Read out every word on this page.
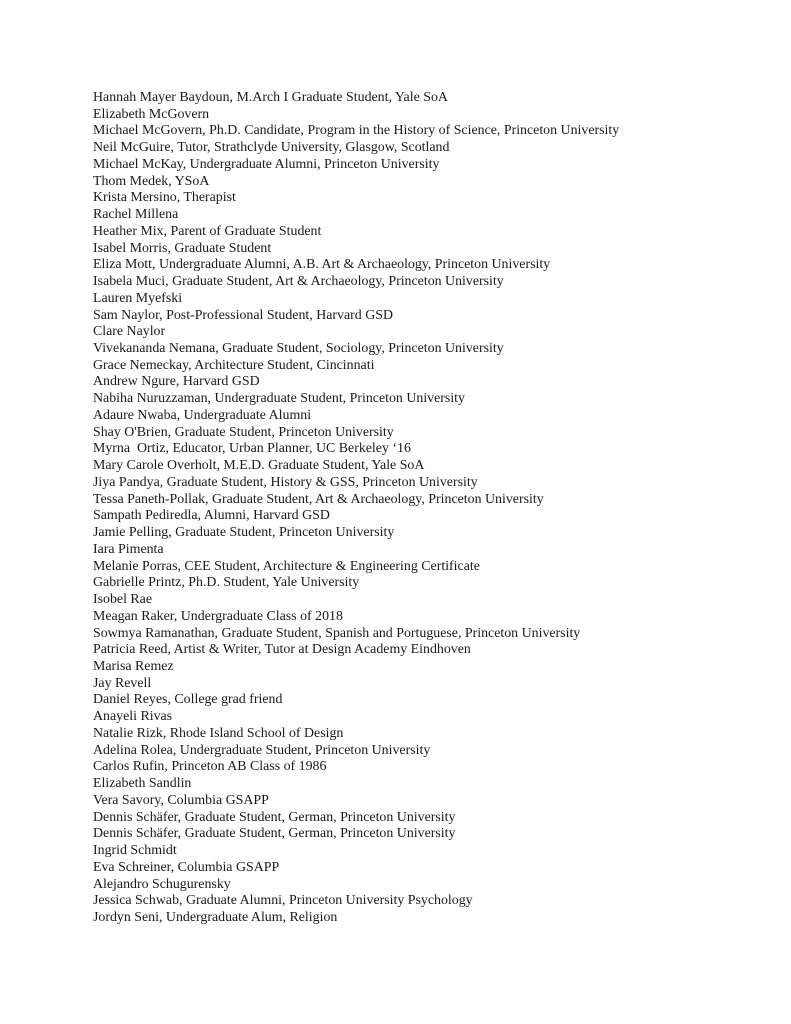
Hannah Mayer Baydoun, M.Arch I Graduate Student, Yale SoA
Elizabeth McGovern
Michael McGovern, Ph.D. Candidate, Program in the History of Science, Princeton University
Neil McGuire, Tutor, Strathclyde University, Glasgow, Scotland
Michael McKay, Undergraduate Alumni, Princeton University
Thom Medek, YSoA
Krista Mersino, Therapist
Rachel Millena
Heather Mix, Parent of Graduate Student
Isabel Morris, Graduate Student
Eliza Mott, Undergraduate Alumni, A.B. Art & Archaeology, Princeton University
Isabela Muci, Graduate Student, Art & Archaeology, Princeton University
Lauren Myefski
Sam Naylor, Post-Professional Student, Harvard GSD
Clare Naylor
Vivekananda Nemana, Graduate Student, Sociology, Princeton University
Grace Nemeckay, Architecture Student, Cincinnati
Andrew Ngure, Harvard GSD
Nabiha Nuruzzaman, Undergraduate Student, Princeton University
Adaure Nwaba, Undergraduate Alumni
Shay O'Brien, Graduate Student, Princeton University
Myrna  Ortiz, Educator, Urban Planner, UC Berkeley ‘16
Mary Carole Overholt, M.E.D. Graduate Student, Yale SoA
Jiya Pandya, Graduate Student, History & GSS, Princeton University
Tessa Paneth-Pollak, Graduate Student, Art & Archaeology, Princeton University
Sampath Pediredla, Alumni, Harvard GSD
Jamie Pelling, Graduate Student, Princeton University
Iara Pimenta
Melanie Porras, CEE Student, Architecture & Engineering Certificate
Gabrielle Printz, Ph.D. Student, Yale University
Isobel Rae
Meagan Raker, Undergraduate Class of 2018
Sowmya Ramanathan, Graduate Student, Spanish and Portuguese, Princeton University
Patricia Reed, Artist & Writer, Tutor at Design Academy Eindhoven
Marisa Remez
Jay Revell
Daniel Reyes, College grad friend
Anayeli Rivas
Natalie Rizk, Rhode Island School of Design
Adelina Rolea, Undergraduate Student, Princeton University
Carlos Rufin, Princeton AB Class of 1986
Elizabeth Sandlin
Vera Savory, Columbia GSAPP
Dennis Schäfer, Graduate Student, German, Princeton University
Dennis Schäfer, Graduate Student, German, Princeton University
Ingrid Schmidt
Eva Schreiner, Columbia GSAPP
Alejandro Schugurensky
Jessica Schwab, Graduate Alumni, Princeton University Psychology
Jordyn Seni, Undergraduate Alum, Religion
